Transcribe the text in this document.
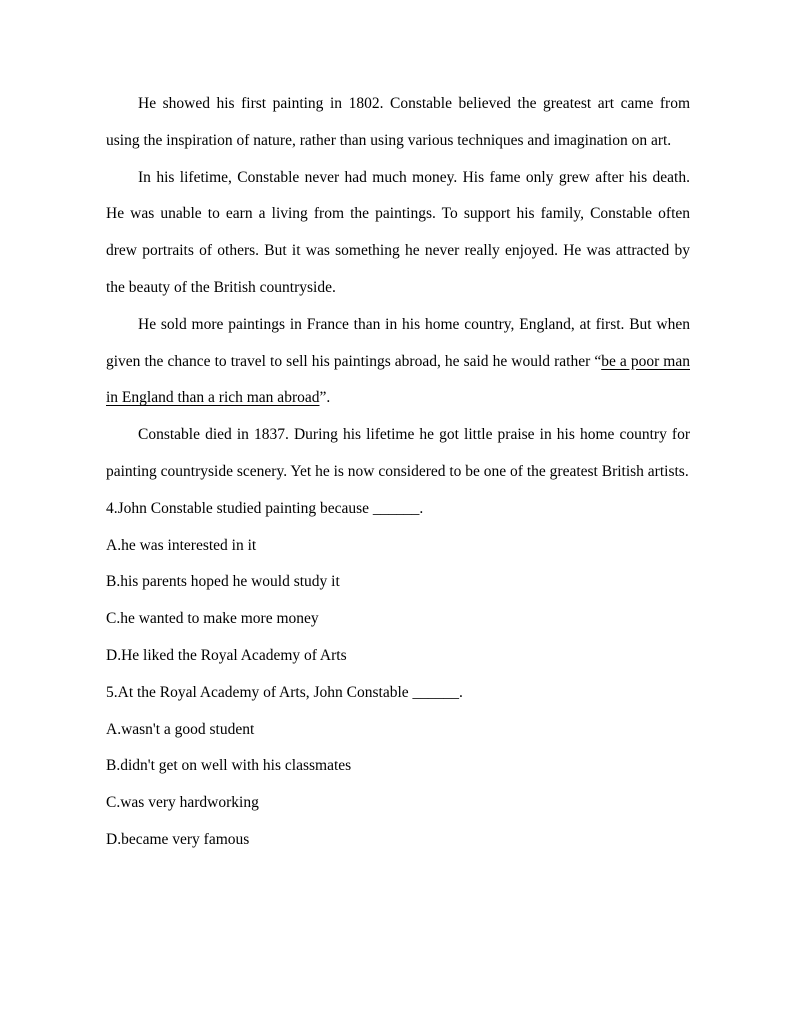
He showed his first painting in 1802. Constable believed the greatest art came from using the inspiration of nature, rather than using various techniques and imagination on art.

In his lifetime, Constable never had much money. His fame only grew after his death. He was unable to earn a living from the paintings. To support his family, Constable often drew portraits of others. But it was something he never really enjoyed. He was attracted by the beauty of the British countryside.

He sold more paintings in France than in his home country, England, at first. But when given the chance to travel to sell his paintings abroad, he said he would rather “be a poor man in England than a rich man abroad”.

Constable died in 1837. During his lifetime he got little praise in his home country for painting countryside scenery. Yet he is now considered to be one of the greatest British artists.

4.John Constable studied painting because ______.

A.he was interested in it

B.his parents hoped he would study it

C.he wanted to make more money

D.He liked the Royal Academy of Arts

5.At the Royal Academy of Arts, John Constable ______.

A.wasn't a good student

B.didn't get on well with his classmates

C.was very hardworking

D.became very famous
